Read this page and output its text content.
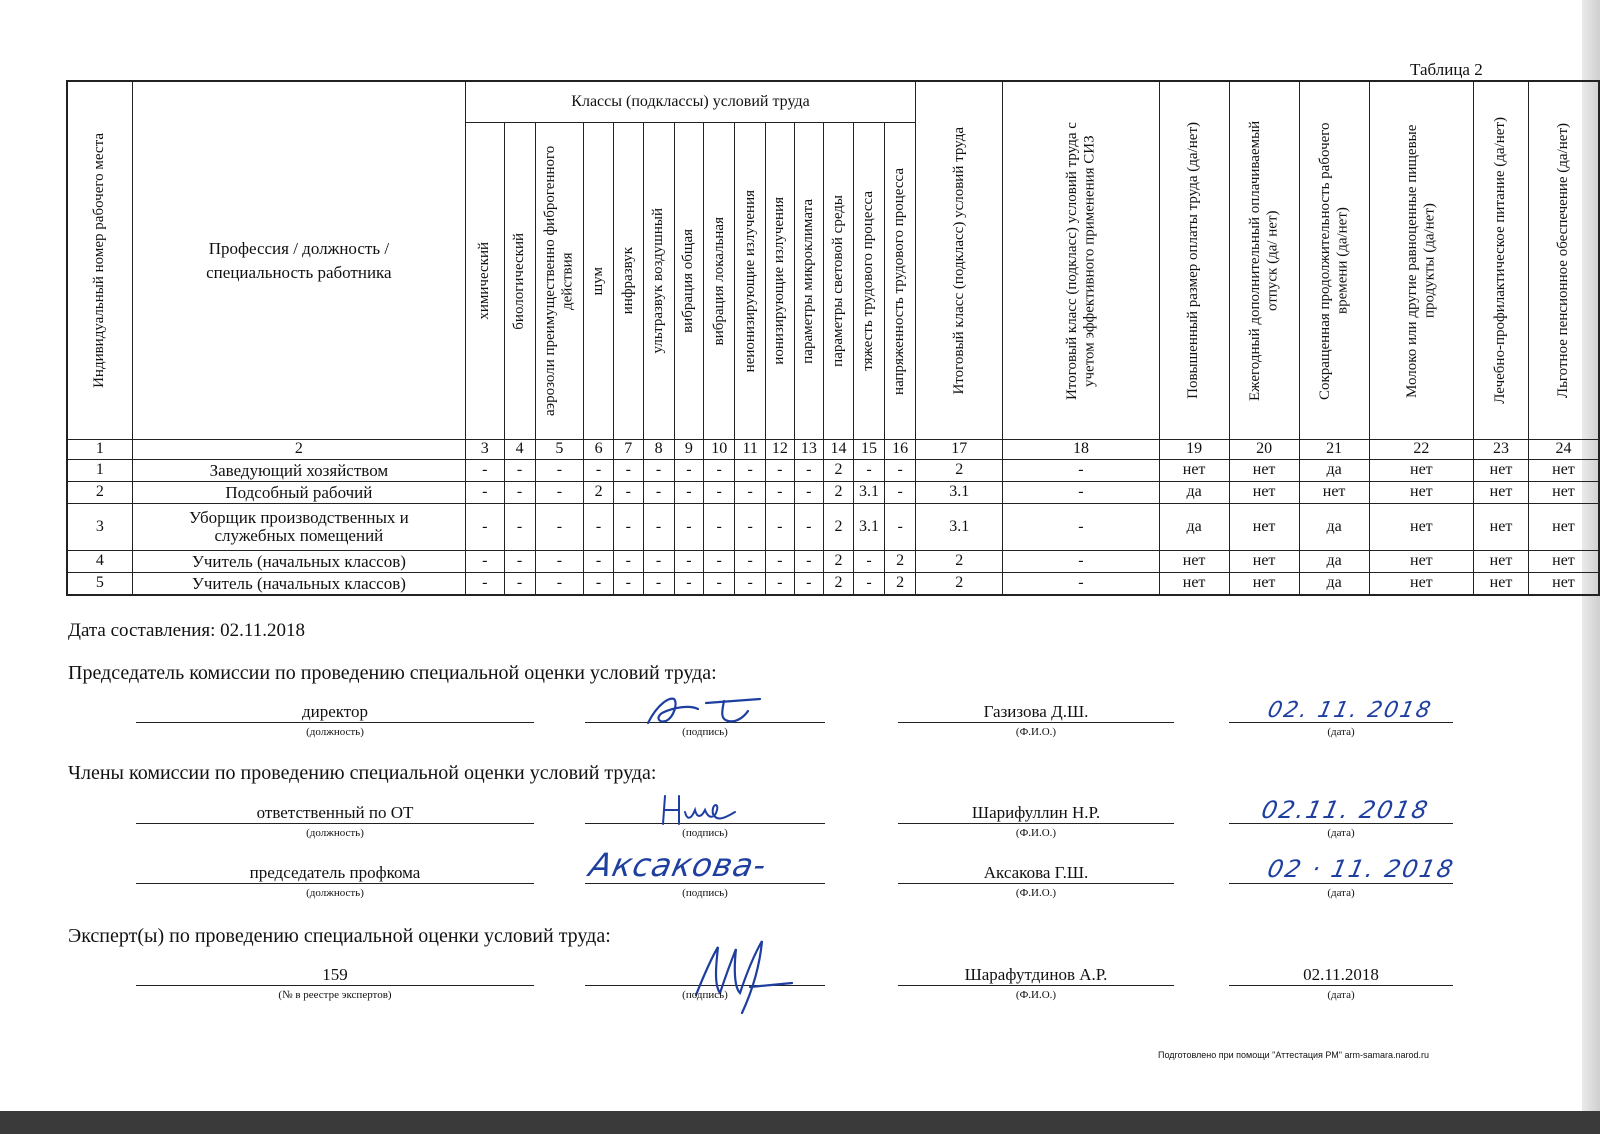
Таблица 2
Индивидуальный номер рабочего места	Профессия / должность / специальность работника	Классы (подклассы) условий труда														Итоговый класс (подкласс) условий труда	Итоговый класс (подкласс) условий труда с учетом эффективного применения СИЗ	Повышенный размер оплаты труда (да/нет)	Ежегодный дополнительный оплачиваемый отпуск (да/ нет)	Сокращенная продолжительность рабочего времени (да/нет)	Молоко или другие равноценные пищевые продукты (да/нет)	Лечебно-профилактическое питание (да/нет)	Льготное пенсионное обеспечение (да/нет)

		химический	биологический	аэрозоли преимущественно фиброгенного действия	шум	инфразвук	ультразвук воздушный	вибрация общая	вибрация локальная	неионизирующие излучения	ионизирующие излучения	параметры микроклимата	параметры световой среды	тяжесть трудового процесса	напряженность трудового процесса								

1	2	3	4	5	6	7	8	9	10	11	12	13	14	15	16	17	18	19	20	21	22	23	24
1	Заведующий хозяйством	-	-	-	-	-	-	-	-	-	-	-	2	-	-	2	-	нет	нет	да	нет	нет	нет
2	Подсобный рабочий	-	-	-	2	-	-	-	-	-	-	-	2	3.1	-	3.1	-	да	нет	нет	нет	нет	нет
3	Уборщик производственных и служебных помещений	-	-	-	-	-	-	-	-	-	-	-	2	3.1	-	3.1	-	да	нет	да	нет	нет	нет
4	Учитель (начальных классов)	-	-	-	-	-	-	-	-	-	-	-	2	-	2	2	-	нет	нет	да	нет	нет	нет
5	Учитель (начальных классов)	-	-	-	-	-	-	-	-	-	-	-	2	-	2	2	-	нет	нет	да	нет	нет	нет
Дата составления: 02.11.2018
Председатель комиссии по проведению специальной оценки условий труда:
директор
(должность)	(подпись)
Газизова Д.Ш.
(Ф.И.О.)
02. 11. 2018
(дата)
Члены комиссии по проведению специальной оценки условий труда:
ответственный по ОТ
(должность)	(подпись)
Шарифуллин Н.Р.
(Ф.И.О.)
02.11. 2018
(дата)
председатель профкома
(должность)
Аксакова-
(подпись)
Аксакова Г.Ш.
(Ф.И.О.)
02 · 11. 2018
(дата)
Эксперт(ы) по проведению специальной оценки условий труда:
159
(№ в реестре экспертов)	(подпись)
Шарафутдинов А.Р.
(Ф.И.О.)
02.11.2018
(дата)
Подготовлено при помощи "Аттестация РМ" arm-samara.narod.ru
